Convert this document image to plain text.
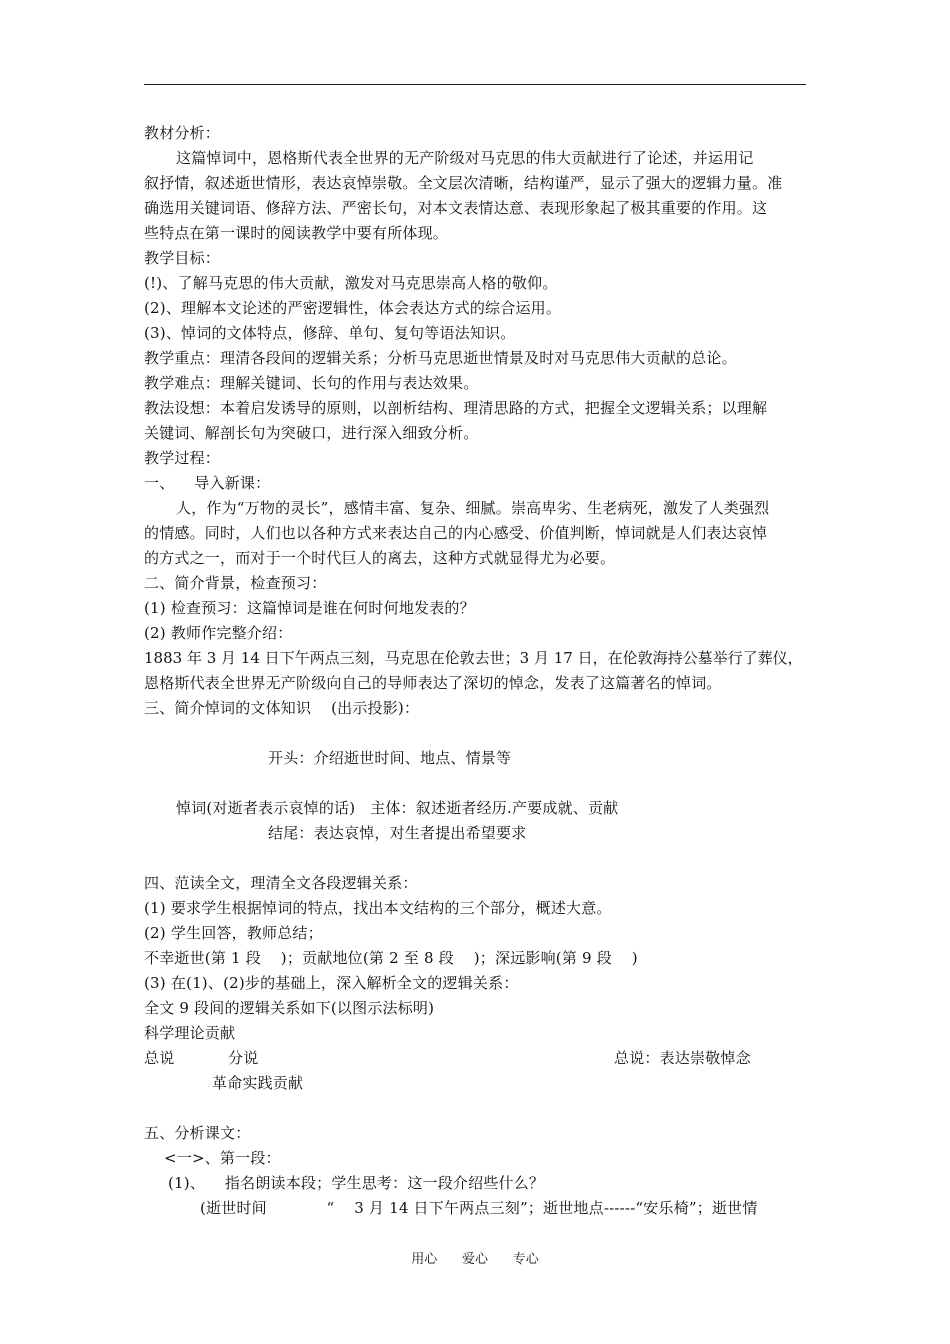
教材分析：
这篇悼词中，恩格斯代表全世界的无产阶级对马克思的伟大贡献进行了论述，并运用记
叙抒情，叙述逝世情形，表达哀悼崇敬。全文层次清晰，结构谨严，显示了强大的逻辑力量。准
确选用关键词语、修辞方法、严密长句，对本文表情达意、表现形象起了极其重要的作用。这
些特点在第一课时的阅读教学中要有所体现。
教学目标：
(!)、了解马克思的伟大贡献，激发对马克思崇高人格的敬仰。
(2)、理解本文论述的严密逻辑性，体会表达方式的综合运用。
(3)、悼词的文体特点，修辞、单句、复句等语法知识。
教学重点：理清各段间的逻辑关系；分析马克思逝世情景及时对马克思伟大贡献的总论。
教学难点：理解关键词、长句的作用与表达效果。
教法设想：本着启发诱导的原则，以剖析结构、理清思路的方式，把握全文逻辑关系；以理解
关键词、解剖长句为突破口，进行深入细致分析。
教学过程：
一、    导入新课：
人，作为“万物的灵长”，感情丰富、复杂、细腻。崇高卑劣、生老病死，激发了人类强烈
的情感。同时，人们也以各种方式来表达自己的内心感受、价值判断，悼词就是人们表达哀悼
的方式之一，而对于一个时代巨人的离去，这种方式就显得尤为必要。
二、简介背景，检查预习：
(1) 检查预习：这篇悼词是谁在何时何地发表的？
(2) 教师作完整介绍：
1883 年 3 月 14 日下午两点三刻，马克思在伦敦去世；3 月 17 日，在伦敦海持公墓举行了葬仪，
恩格斯代表全世界无产阶级向自己的导师表达了深切的悼念，发表了这篇著名的悼词。
三、简介悼词的文体知识    (出示投影)：
开头：介绍逝世时间、地点、情景等
悼词(对逝者表示哀悼的话)   主体：叙述逝者经历.产要成就、贡献
结尾：表达哀悼，对生者提出希望要求
四、范读全文，理清全文各段逻辑关系：
(1) 要求学生根据悼词的特点，找出本文结构的三个部分，概述大意。
(2) 学生回答，教师总结；
不幸逝世(第 1 段    )；贡献地位(第 2 至 8 段    )；深远影响(第 9 段    )
(3) 在(1)、(2)步的基础上，深入解析全文的逻辑关系：
全文 9 段间的逻辑关系如下(以图示法标明)
科学理论贡献
总说	分说	总说：表达崇敬悼念
革命实践贡献
五、分析课文：
<一>、第一段：
(1)、    指名朗读本段；学生思考：这一段介绍些什么？
(逝世时间            “    3 月 14 日下午两点三刻”；逝世地点------“安乐椅”；逝世情
用心      爱心      专心
